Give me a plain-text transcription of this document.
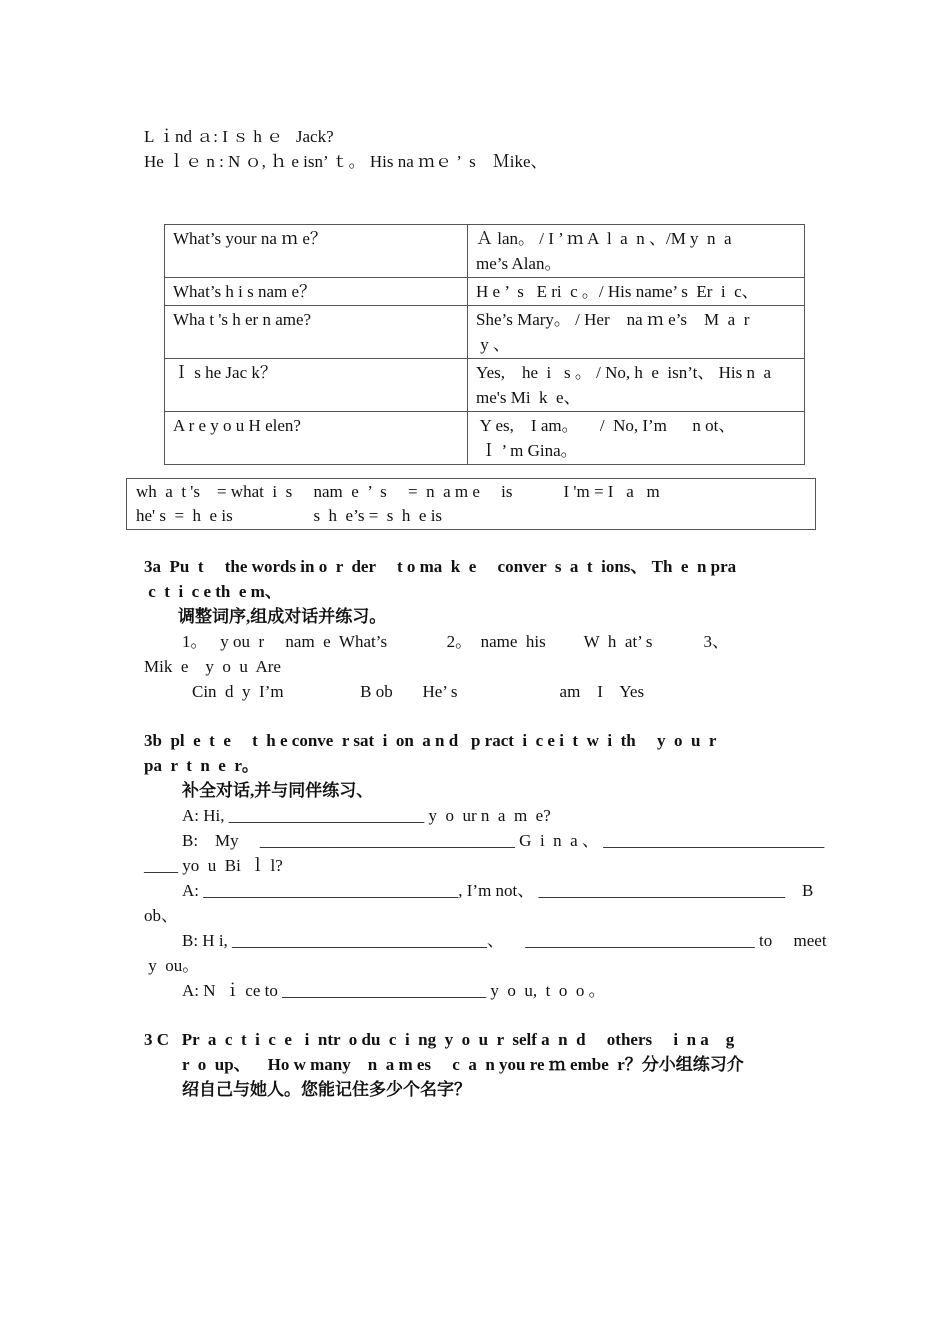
L ｉnd ａ: I ｓ h ｅ   Jack?
He ｌｅ n : N ｏ, ｈ e isn’ ｔ。 His na ｍｅ ’  s    Ｍike、
What’s your na ｍ e？	Ａ lan。 / I ’ ｍ A  l  a  n 、/M y  n  a
me’s Alan。

What’s h i s nam e？	H e ’  s   E ri  c 。/ His name’ s  Er  i  c、

Wha t 's h er n ame?	She’s Mary。 / Her    na ｍ e’s    M  a  r
y 、

Ｉ s he Jac k？	Yes,    he  i   s 。 / No, h  e  isn’t、 His n  a
me's Mi  k  e、

A r e y o u H elen?	Y es,    I am。     /  No, I’m      n ot、
Ｉ ’ m Gina。
wh  a  t 's    = what  i  s     nam  e  ’  s     =  n  a m e     is            I 'm = I   a   m
he' s  =  h  e is                   s  h  e’s =  s  h  e is
3a  Pu  t     the words in o  r  der     t o ma  k  e     conver  s  a  t  ions、 Th  e  n pra
c  t  i  c e th  e m、
调整词序,组成对话并练习。
1。   y ou  r     nam  e  What’s              2。  name  his         W  h  at’ s            3、
Mik  e    y  o  u  Are
Cin  d  y  I’m                  B ob       He’ s                        am    I    Yes
3b  pl  e  t  e     t  h e conve  r sat  i  on  a n d   p ract  i  c e i  t  w  i  th     y  o  u  r
pa  r  t  n  e  r。
补全对话,并与同伴练习、
A: Hi, _______________________ y  o  ur n  a  m  e?
B:    My     ______________________________ G  i  n  a 、 __________________________
____ yo  u  Bi  ｌ l?
A: ______________________________, I’m not、 _____________________________    B
ob、
B: H i, ______________________________、     ___________________________ to     meet
y  ou。
A: N  ｉ ce to ________________________ y  o  u,  t  o  o 。
3 C   Pr  a  c  t  i  c  e   i  ntr  o du  c  i  ng  y  o  u  r  self a  n  d     others     i  n a    g
r  o  up、    Ho w many    n  a m es     c  a  n you re ｍ embe  r？分小组练习介
绍自己与她人。您能记住多少个名字？
